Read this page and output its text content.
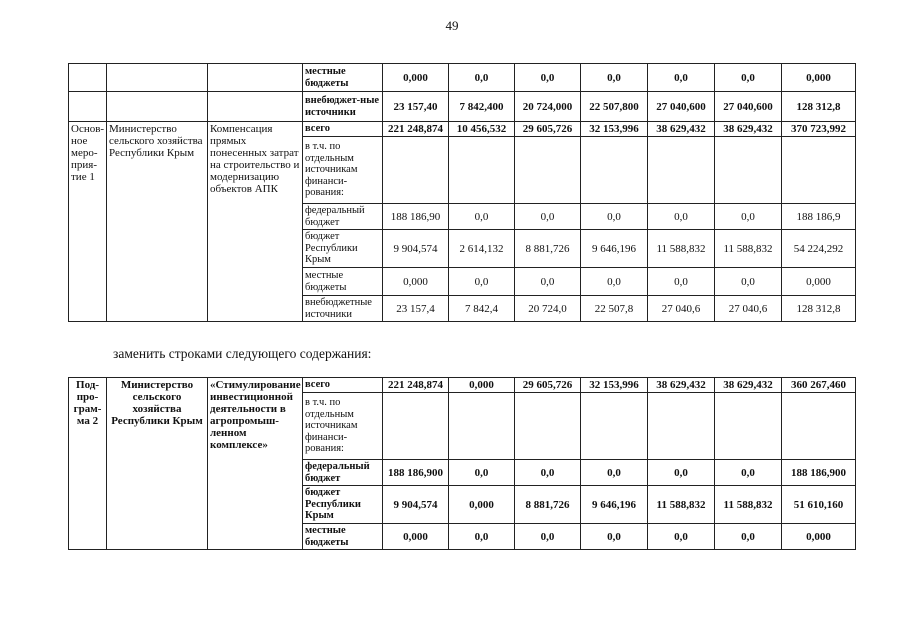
49
			местные бюджеты	0,000	0,0	0,0	0,0	0,0	0,0	0,000
			внебюджет-ные источники	23 157,40	7 842,400	20 724,000	22 507,800	27 040,600	27 040,600	128 312,8
Основ-ное меро-прия-тие 1	Министерство сельского хозяйства Республики Крым	Компенсация прямых понесенных затрат на строительство и модернизацию объектов АПК	всего	221 248,874	10 456,532	29 605,726	32 153,996	38 629,432	38 629,432	370 723,992
			в т.ч. по отдельным источникам финанси-рования:							
			федеральный бюджет	188 186,90	0,0	0,0	0,0	0,0	0,0	188 186,9
			бюджет Республики Крым	9 904,574	2 614,132	8 881,726	9 646,196	11 588,832	11 588,832	54 224,292
			местные бюджеты	0,000	0,0	0,0	0,0	0,0	0,0	0,000
			внебюджетные источники	23 157,4	7 842,4	20 724,0	22 507,8	27 040,6	27 040,6	128 312,8
заменить строками следующего содержания:
Под-про-грам-ма 2	Министерство сельского хозяйства Республики Крым	«Стимулирование инвестиционной деятельности в агропромыш-ленном комплексе»	всего	221 248,874	0,000	29 605,726	32 153,996	38 629,432	38 629,432	360 267,460
			в т.ч. по отдельным источникам финанси-рования:							
			федеральный бюджет	188 186,900	0,0	0,0	0,0	0,0	0,0	188 186,900
			бюджет Республики Крым	9 904,574	0,000	8 881,726	9 646,196	11 588,832	11 588,832	51 610,160
			местные бюджеты	0,000	0,0	0,0	0,0	0,0	0,0	0,000
